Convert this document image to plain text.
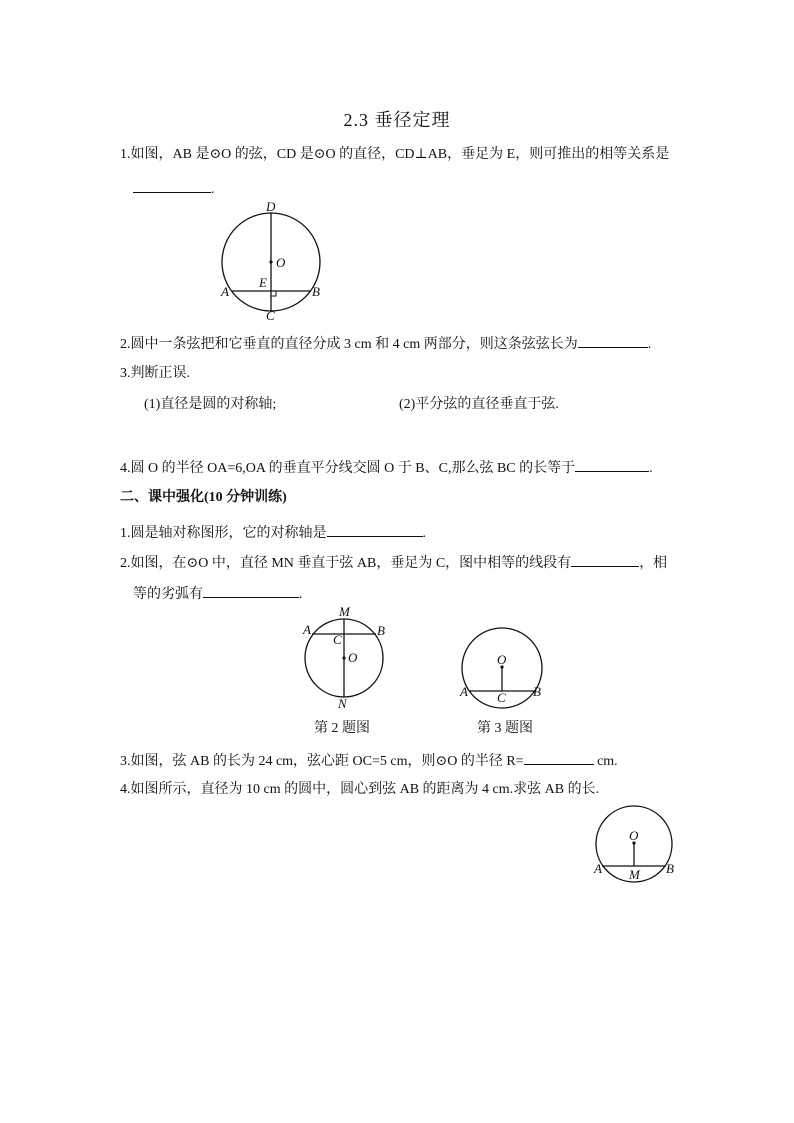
2.3 垂径定理
1.如图，AB 是⊙O 的弦，CD 是⊙O 的直径，CD⊥AB，垂足为 E，则可推出的相等关系是
.
D
O
E
A	B
C
2.圆中一条弦把和它垂直的直径分成 3 cm 和 4 cm 两部分，则这条弦弦长为	.
3.判断正误.
(1)直径是圆的对称轴;	(2)平分弦的直径垂直于弦.
4.圆 O 的半径 OA=6,OA 的垂直平分线交圆 O 于 B、C,那么弦 BC 的长等于	.
二、课中强化(10 分钟训练)
1.圆是轴对称图形，它的对称轴是	.
2.如图，在⊙O 中，直径 MN 垂直于弦 AB，垂足为 C，图中相等的线段有	，相
等的劣弧有	.
M
A	B
C
O
N
第 2 题图
O
A C B
第 3 题图
3.如图，弦 AB 的长为 24 cm，弦心距 OC=5 cm，则⊙O 的半径 R=	cm.
4.如图所示，直径为 10 cm 的圆中，圆心到弦 AB 的距离为 4 cm.求弦 AB 的长.
O
A M B
